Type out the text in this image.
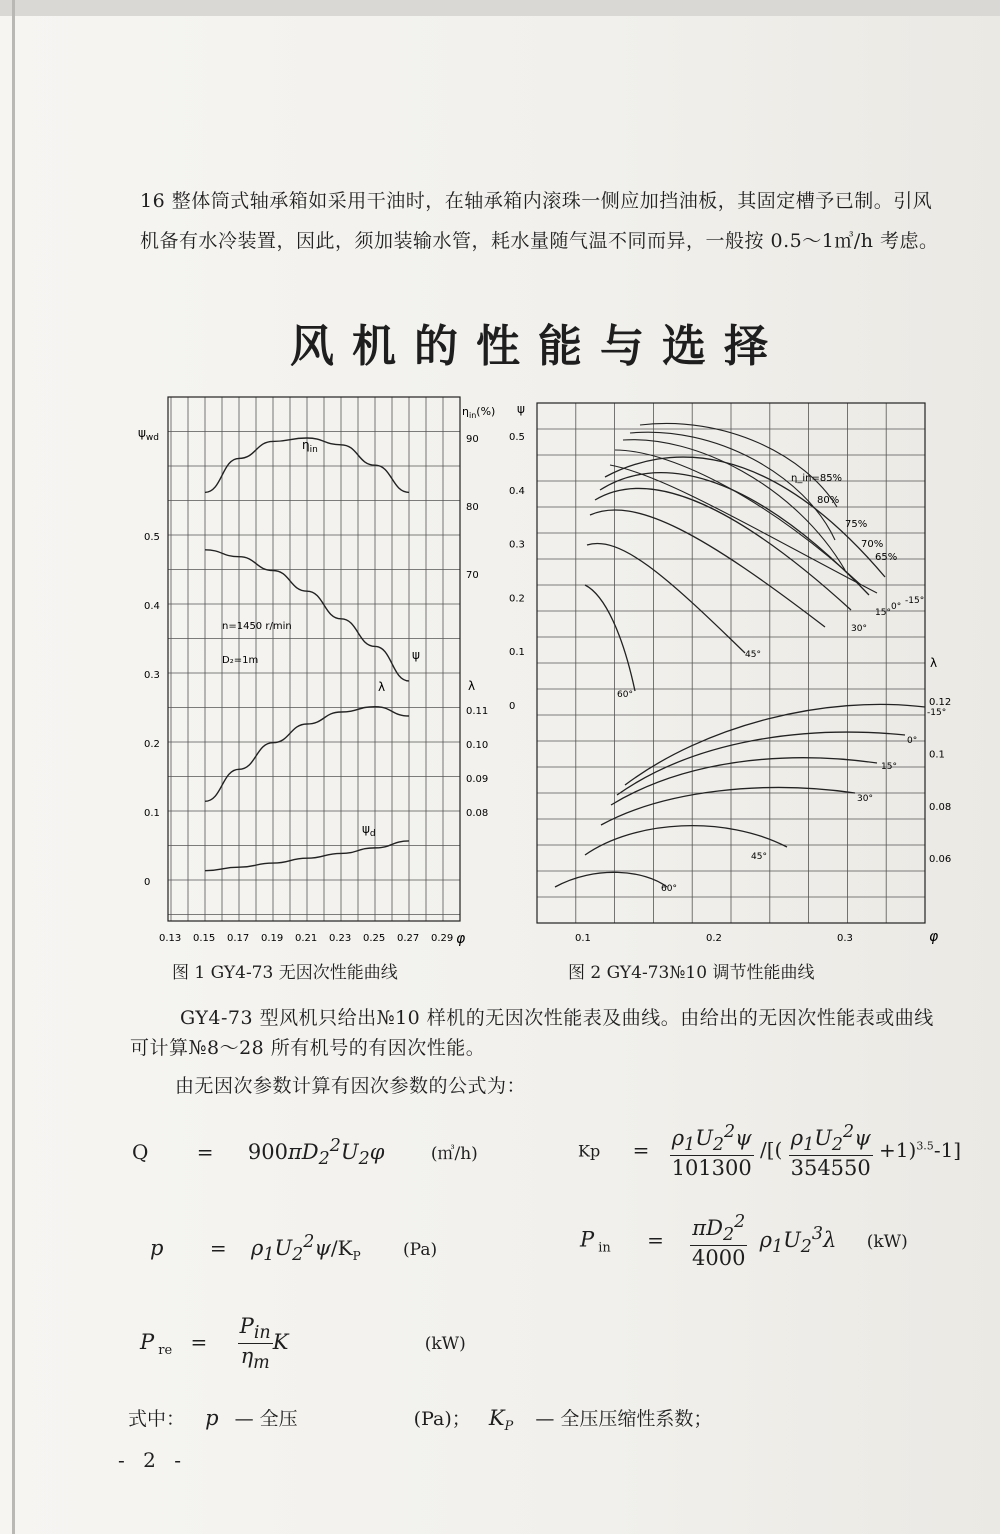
16 整体筒式轴承箱如采用干油时，在轴承箱内滚珠一侧应加挡油板，其固定槽予已制。引风
机备有水冷装置，因此，须加装输水管，耗水量随气温不同而异，一般按 0.5～1㎥/h 考虑。
风机的性能与选择
$\psi_{wd}$
$\eta_{in}(\%)$
0
0.1
0.2
0.3
0.4
0.5
90
80
70
λ
0.11
0.10
0.09
0.08
0.13 0.15 0.17 0.19 0.21 0.23 0.25 0.27 0.29 φ
n=1450 r/min
D₂=1m
$\eta_{in}$
ψ
λ
$\psi_d$
ψ
0.5
0.4
0.3
0.2
0.1
0
λ
0.12
0.1
0.08
0.06
0.1	0.2	0.3	φ
-15°
0°
15°
30°
45°
60°
η_in=85%
80%
75%
70%
65%
-15°
0°
15°
30°
45°
60°
图 1 GY4-73 无因次性能曲线	图 2 GY4-73№10 调节性能曲线
GY4-73 型风机只给出№10 样机的无因次性能表及曲线。由给出的无因次性能表或曲线
可计算№8～28 所有机号的有因次性能。
由无因次参数计算有因次参数的公式为：
$Q = 900\pi D_2^2U_2\varphi$	(㎥/h)	$Kp = \frac{\rho_1U_2^2\psi}{101300}$ /[( $\frac{\rho_1U_2^2\psi}{354550} +1)^{3.5}-1$]
$p = \rho_1U_2^2\psi/K_P$ (Pa)	P $_{in} = \frac{\pi D_2^2}{4000} \rho_1U_2^3\lambda$ (kW)
P $_{re} = \frac{P_{in}}{\eta_m}$ K	(kW)
式中： p — 全压	(Pa)； $K_P$ — 全压压缩性系数；
- 2 -
